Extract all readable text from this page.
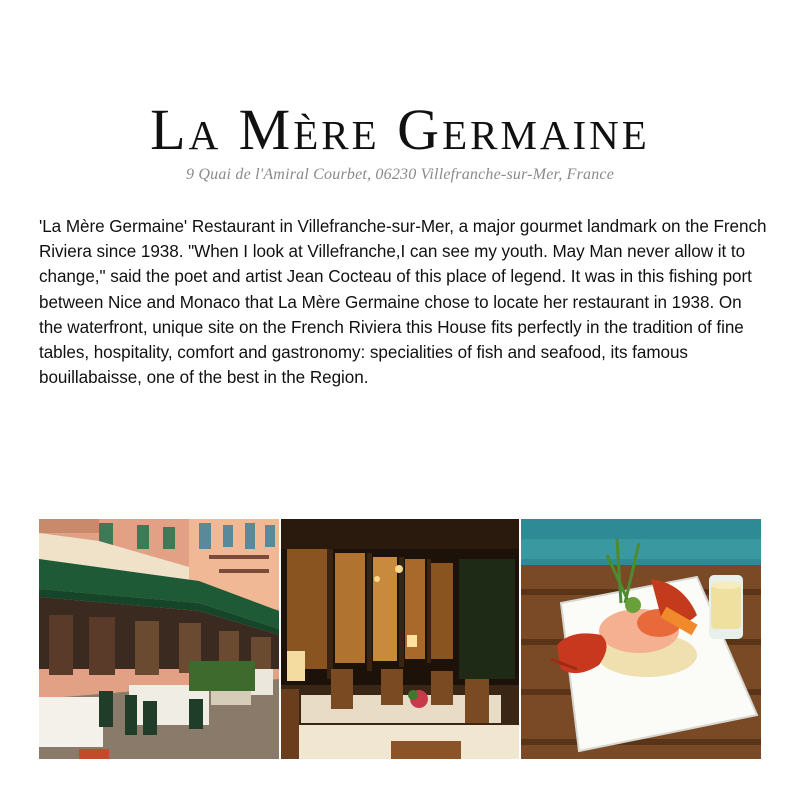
La Mère Germaine
9 Quai de l'Amiral Courbet, 06230 Villefranche-sur-Mer, France

'La Mère Germaine' Restaurant in Villefranche-sur-Mer, a major gourmet landmark on the French Riviera since 1938. "When I look at Villefranche,I can see my youth. May Man never allow it to change," said the poet and artist Jean Cocteau of this place of legend. It was in this fishing port between Nice and Monaco that La Mère Germaine chose to locate her restaurant in 1938. On the waterfront, unique site on the French Riviera this House fits perfectly in the tradition of fine tables, hospitality, comfort and gastronomy: specialities of fish and seafood, its famous bouillabaisse, one of the best in the Region.
